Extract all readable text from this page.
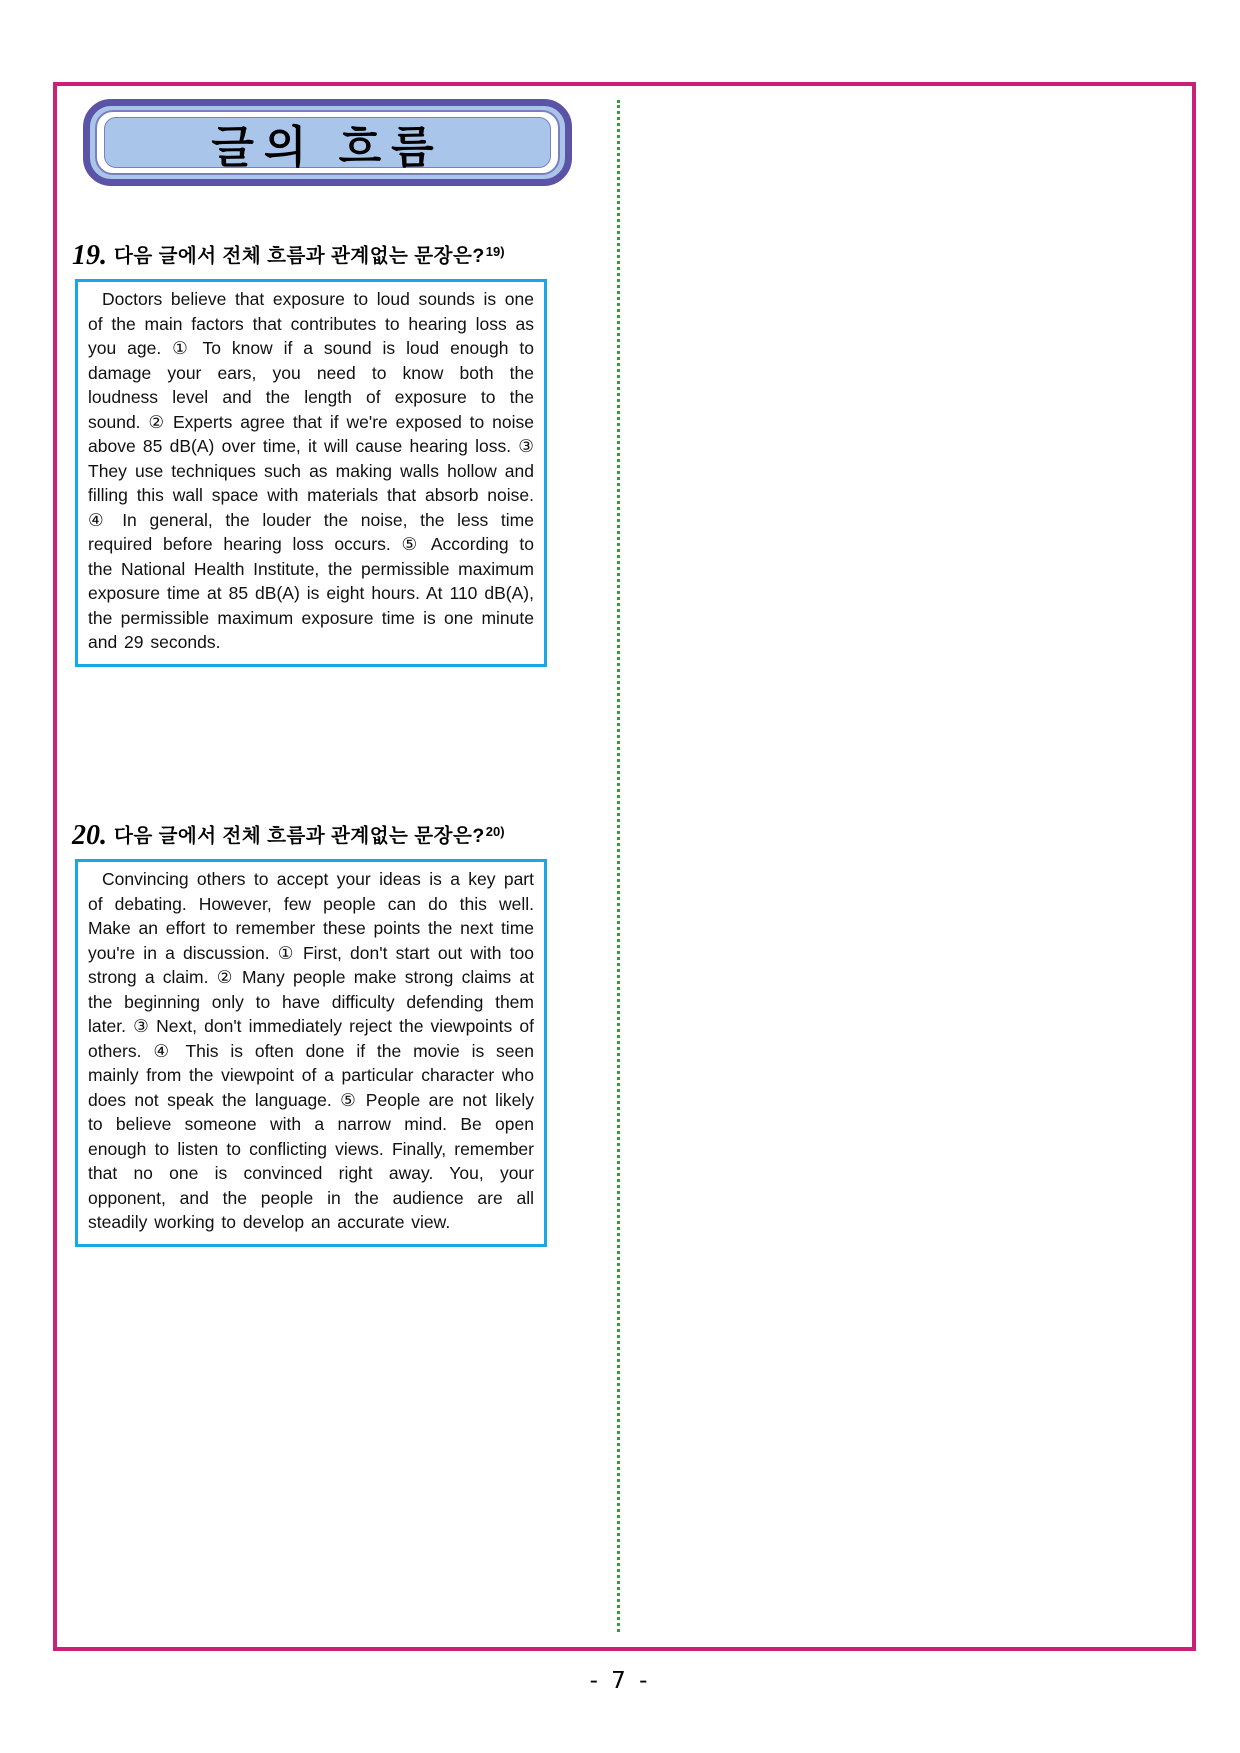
글의 흐름
19. 다음 글에서 전체 흐름과 관계없는 문장은?$^{19)}$
Doctors believe that exposure to loud sounds is one of the main factors that contributes to hearing loss as you age. ① To know if a sound is loud enough to damage your ears, you need to know both the loudness level and the length of exposure to the sound. ② Experts agree that if we're exposed to noise above 85 dB(A) over time, it will cause hearing loss. ③ They use techniques such as making walls hollow and filling this wall space with materials that absorb noise. ④ In general, the louder the noise, the less time required before hearing loss occurs. ⑤ According to the National Health Institute, the permissible maximum exposure time at 85 dB(A) is eight hours. At 110 dB(A), the permissible maximum exposure time is one minute and 29 seconds.
20. 다음 글에서 전체 흐름과 관계없는 문장은?$^{20)}$
Convincing others to accept your ideas is a key part of debating. However, few people can do this well. Make an effort to remember these points the next time you're in a discussion. ① First, don't start out with too strong a claim. ② Many people make strong claims at the beginning only to have difficulty defending them later. ③ Next, don't immediately reject the viewpoints of others. ④ This is often done if the movie is seen mainly from the viewpoint of a particular character who does not speak the language. ⑤ People are not likely to believe someone with a narrow mind. Be open enough to listen to conflicting views. Finally, remember that no one is convinced right away. You, your opponent, and the people in the audience are all steadily working to develop an accurate view.
- 7 -
